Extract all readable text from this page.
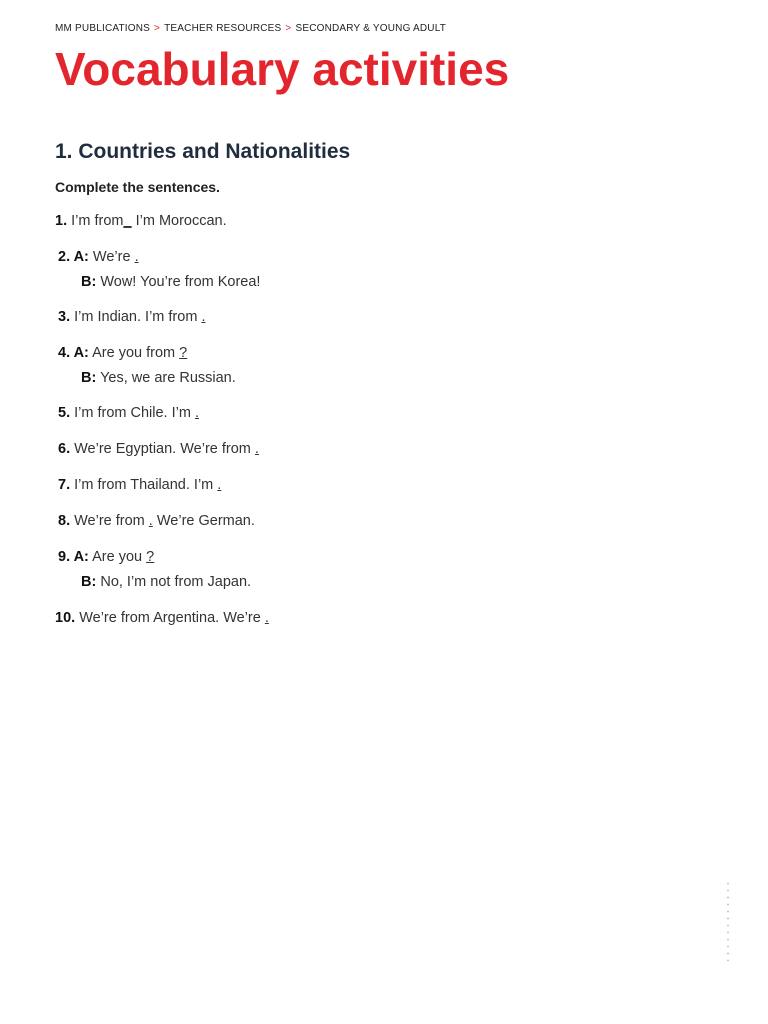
MM PUBLICATIONS > TEACHER RESOURCES > SECONDARY & YOUNG ADULT
Vocabulary activities
1. Countries and Nationalities
Complete the sentences.
1. I’m from_ I’m Moroccan.
2. A: We’re .
B: Wow! You’re from Korea!
3. I’m Indian. I’m from .
4. A: Are you from ?
B: Yes, we are Russian.
5. I’m from Chile. I’m .
6. We’re Egyptian. We’re from .
7. I’m from Thailand. I’m .
8. We’re from . We’re German.
9. A: Are you ?
B: No, I’m not from Japan.
10. We’re from Argentina. We’re .
